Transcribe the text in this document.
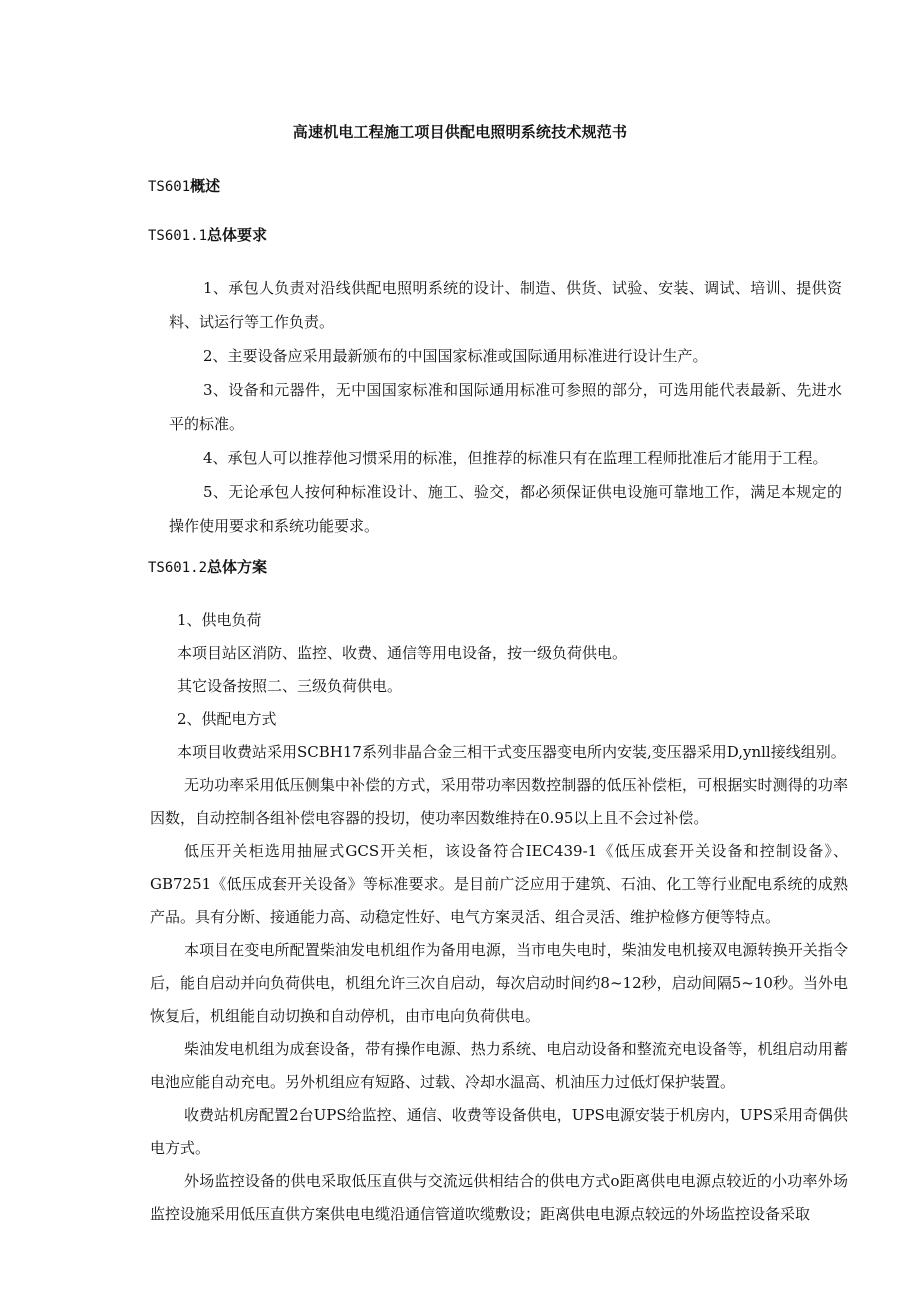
高速机电工程施工项目供配电照明系统技术规范书
TS601概述
TS601.1总体要求

1、承包人负责对沿线供配电照明系统的设计、制造、供货、试验、安装、调试、培训、提供资料、试运行等工作负责。

2、主要设备应采用最新颁布的中国国家标准或国际通用标准进行设计生产。

3、设备和元器件，无中国国家标准和国际通用标准可参照的部分，可选用能代表最新、先进水平的标准。

4、承包人可以推荐他习惯采用的标准，但推荐的标准只有在监理工程师批准后才能用于工程。

5、无论承包人按何种标准设计、施工、验交，都必须保证供电设施可靠地工作，满足本规定的操作使用要求和系统功能要求。

TS601.2总体方案

1、供电负荷

本项目站区消防、监控、收费、通信等用电设备，按一级负荷供电。

其它设备按照二、三级负荷供电。

2、供配电方式

本项目收费站采用SCBH17系列非晶合金三相干式变压器变电所内安装,变压器采用D,ynll接线组别。

无功功率采用低压侧集中补偿的方式，采用带功率因数控制器的低压补偿柜，可根据实时测得的功率因数，自动控制各组补偿电容器的投切，使功率因数维持在0.95以上且不会过补偿。

低压开关柜选用抽屉式GCS开关柜，该设备符合IEC439-1《低压成套开关设备和控制设备》、GB7251《低压成套开关设备》等标准要求。是目前广泛应用于建筑、石油、化工等行业配电系统的成熟产品。具有分断、接通能力高、动稳定性好、电气方案灵活、组合灵活、维护检修方便等特点。

本项目在变电所配置柴油发电机组作为备用电源，当市电失电时，柴油发电机接双电源转换开关指令后，能自启动并向负荷供电，机组允许三次自启动，每次启动时间约8~12秒，启动间隔5~10秒。当外电恢复后，机组能自动切换和自动停机，由市电向负荷供电。

柴油发电机组为成套设备，带有操作电源、热力系统、电启动设备和整流充电设备等，机组启动用蓄电池应能自动充电。另外机组应有短路、过载、冷却水温高、机油压力过低灯保护装置。

收费站机房配置2台UPS给监控、通信、收费等设备供电，UPS电源安装于机房内，UPS采用奇偶供电方式。

外场监控设备的供电采取低压直供与交流远供相结合的供电方式o距离供电电源点较近的小功率外场监控设施采用低压直供方案供电电缆沿通信管道吹缆敷设；距离供电电源点较远的外场监控设备采取
